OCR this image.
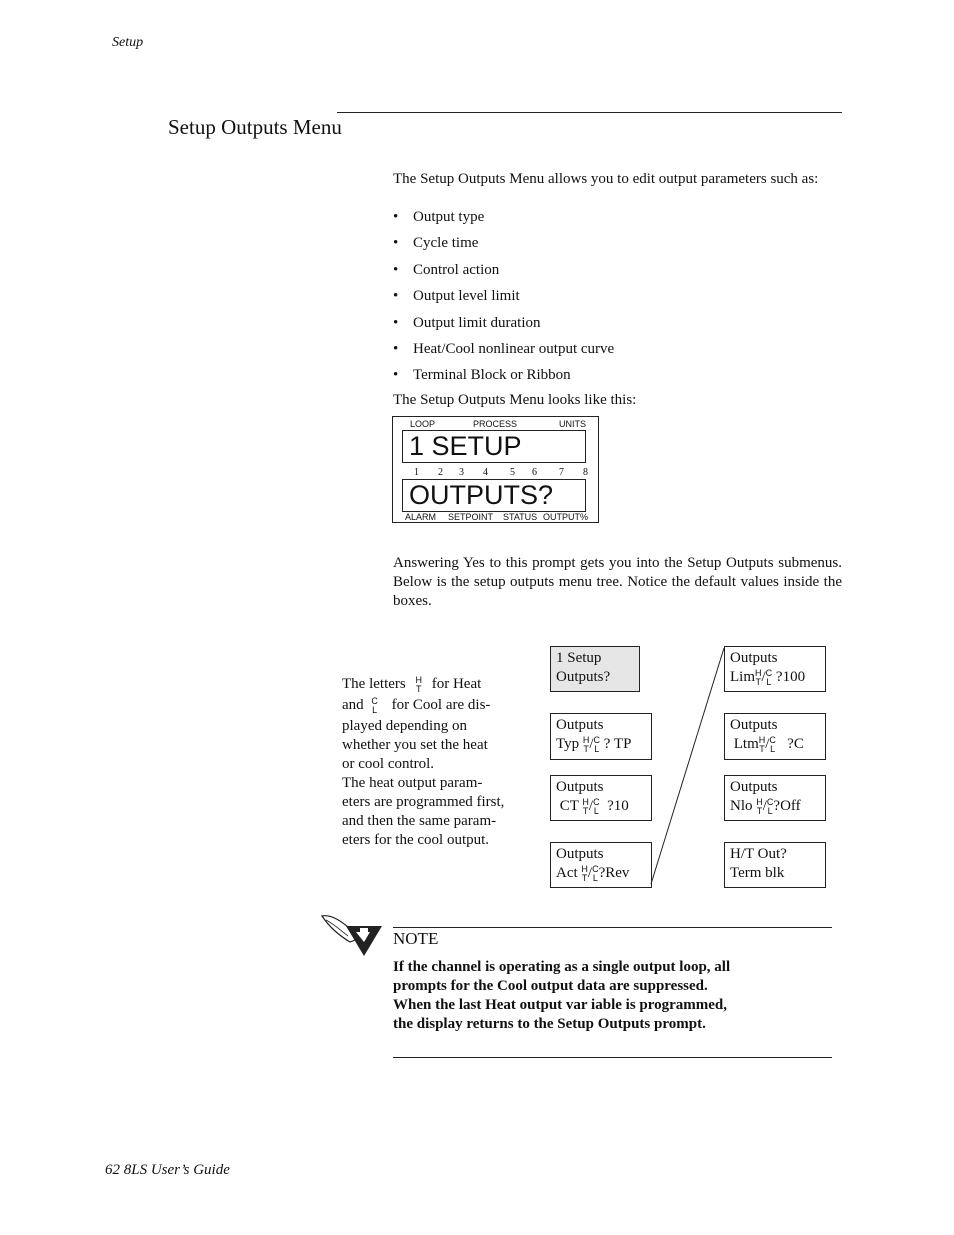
Setup
Setup Outputs Menu
The Setup Outputs Menu allows you to edit output parameters such as:
• Output type
• Cycle time
• Control action
• Output level limit
• Output limit duration
• Heat/Cool nonlinear output curve
• Terminal Block or Ribbon
The Setup Outputs Menu looks like this:
LOOP	PROCESS	UNITS
1 SETUP
1 2 3 4 5 6 7 8
OUTPUTS?
ALARM SETPOINT STATUS OUTPUT%
Answering Yes to this prompt gets you into the Setup Outputs submenus. Below is the setup outputs menu tree. Notice the default values inside the boxes.
The letters H
T for Heat
and C
L for Cool are dis-
played depending on
whether you set the heat
or cool control.
The heat output param-
eters are programmed first,
and then the same param-
eters for the cool output.
1 Setup
Outputs?
Outputs
Typ H
T/C
L ? TP
Outputs
CT H
T/C
L ?10
Outputs
Act H
T/C
L?Rev
Outputs
LimH
T/C
L ?100
Outputs
LtmH
T/C
L ?C
Outputs
Nlo H
T/C
L?Off
H/T Out?
Term blk
NOTE
If the channel is operating as a single output loop, all prompts for the Cool output data are suppressed. When the last Heat output var iable is programmed, the display returns to the Setup Outputs prompt.
62 8LS User’s Guide
